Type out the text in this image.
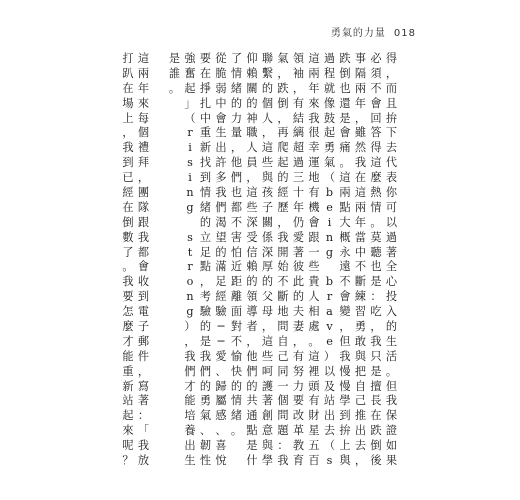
勇氣的力量 018
得
，
而
且
拚
下
去
代
表
你
可
以
過
著
全
心
投
入
的
生
活
。
但
我
保
證
如
果
必
須
不
會
回
答
得
這
麼
熱
情
。
莫
聽
也
是
：
吃
，
我
只
是
擅
長
在
跌
倒
後
事
隔
兩
年
，
雖
然
我
在
這
兩
年
當
中
不
斷
練
習
勇
敢
與
把
自
己
推
出
去
，
跌
倒
也
還
是
會
痛
。
這
兩
點
大
概
永
遠
不
會
變
，
但
我
慢
慢
學
到
拚
上
與
過
程
就
像
鼓
起
勇
氣
（
b
e
i
n
g
b
r
a
v
e
）
以
及
站
出
去
（
s
這
兩
年
來
我
很
幸
運
地
有
機
會
跟
一
些
貴
人
相
處
。
這
裡
頭
有
財
星
五
百
領
袖
，
有
結
縭
超
過
三
十
年
仍
愛
著
彼
此
的
夫
妻
，
有
努
力
要
改
革
教
育
氣
，
跌
倒
，
再
爬
起
的
經
歷
，
我
開
始
不
斷
地
問
自
己
同
一
個
問
題
：
我
聯
繫
的
個
人
，
這
些
與
孩
子
關
係
深
厚
的
父
母
，
這
些
呵
護
著
創
意
與
學
仰
賴
關
的
神
職
人
員
，
這
些
深
受
信
賴
的
領
導
者
，
他
們
的
共
通
點
是
什
了
情
緒
的
力
量
，
他
們
也
都
不
害
怕
近
距
離
面
對
不
愉
快
的
情
緒
。
從
脆
弱
中
會
生
出
許
多
我
們
渴
望
的
滿
足
經
驗
─
─
愛
、
歸
屬
感
、
喜
悅
要
在
掙
扎
中
重
新
找
到
情
緒
的
立
足
點
，
考
驗
的
是
我
們
的
勇
氣
、
韌
性
強
奮
起
」
（
r
i
s
i
n
g
s
t
r
o
n
g
）
，
我
們
才
能
培
養
出
生
是
誰
。
這
兩
年
來
每
個
禮
拜
，
團
隊
跟
我
都
會
收
到
電
子
郵
件
，
寫
著
：
「
我
放
打
趴
在
場
上
，
我
到
已
經
在
倒
數
了
。
我
要
怎
麼
才
能
重
新
站
起
來
呢
？
